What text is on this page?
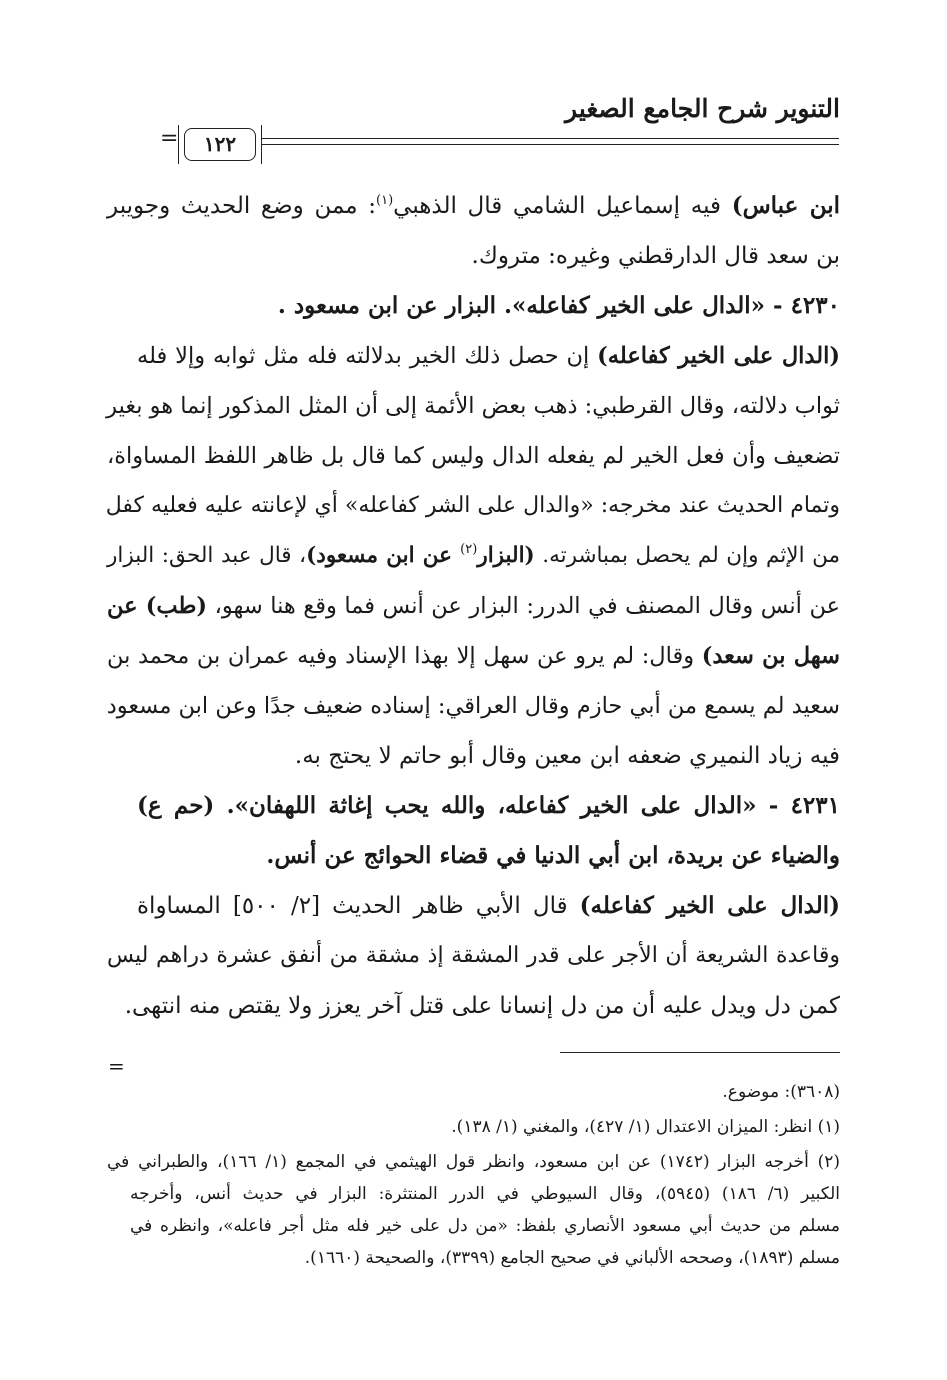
التنوير شرح الجامع الصغير
١٢٢
=
ابن عباس) فيه إسماعيل الشامي قال الذهبي$^{(١)}$: ممن وضع الحديث وجويبر
بن سعد قال الدارقطني وغيره: متروك.
٤٢٣٠ - «الدال على الخير كفاعله». البزار عن ابن مسعود .
(الدال على الخير كفاعله) إن حصل ذلك الخير بدلالته فله مثل ثوابه وإلا فله
ثواب دلالته، وقال القرطبي: ذهب بعض الأئمة إلى أن المثل المذكور إنما هو بغير
تضعيف وأن فعل الخير لم يفعله الدال وليس كما قال بل ظاهر اللفظ المساواة،
وتمام الحديث عند مخرجه: «والدال على الشر كفاعله» أي لإعانته عليه فعليه كفل
من الإثم وإن لم يحصل بمباشرته. (البزار$^{(٢)}$ عن ابن مسعود)، قال عبد الحق: البزار
عن أنس وقال المصنف في الدرر: البزار عن أنس فما وقع هنا سهو، (طب) عن
سهل بن سعد) وقال: لم يرو عن سهل إلا بهذا الإسناد وفيه عمران بن محمد بن
سعيد لم يسمع من أبي حازم وقال العراقي: إسناده ضعيف جدًا وعن ابن مسعود
فيه زياد النميري ضعفه ابن معين وقال أبو حاتم لا يحتج به.
٤٢٣١ - «الدال على الخير كفاعله، والله يحب إغاثة اللهفان». (حم ع)
والضياء عن بريدة، ابن أبي الدنيا في قضاء الحوائج عن أنس.
(الدال على الخير كفاعله) قال الأبي ظاهر الحديث [٢/ ٥٠٠] المساواة
وقاعدة الشريعة أن الأجر على قدر المشقة إذ مشقة من أنفق عشرة دراهم ليس
كمن دل ويدل عليه أن من دل إنسانا على قتل آخر يعزز ولا يقتص منه انتهى.
=
(٣٦٠٨): موضوع.
(١) انظر: الميزان الاعتدال (١/ ٤٢٧)، والمغني (١/ ١٣٨).
(٢) أخرجه البزار (١٧٤٢) عن ابن مسعود، وانظر قول الهيثمي في المجمع (١/ ١٦٦)، والطبراني في
الكبير (٦/ ١٨٦) (٥٩٤٥)، وقال السيوطي في الدرر المنتثرة: البزار في حديث أنس، وأخرجه
مسلم من حديث أبي مسعود الأنصاري بلفظ: «من دل على خير فله مثل أجر فاعله»، وانظره في
مسلم (١٨٩٣)، وصححه الألباني في صحيح الجامع (٣٣٩٩)، والصحيحة (١٦٦٠).
